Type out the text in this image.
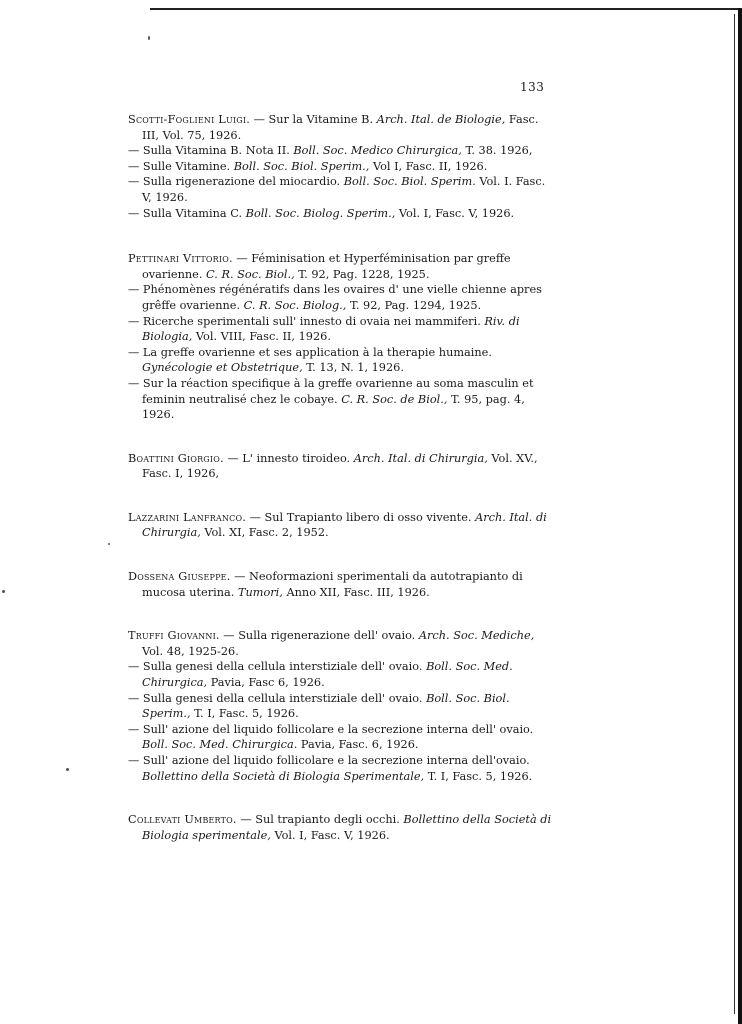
133
Scotti-Foglieni Luigi. — Sur la Vitamine B. Arch. Ital. de Biologie, Fasc. III, Vol. 75, 1926.
— Sulla Vitamina B. Nota II. Boll. Soc. Medico Chirurgica, T. 38. 1926,
— Sulle Vitamine. Boll. Soc. Biol. Sperim., Vol I, Fasc. II, 1926.
— Sulla rigenerazione del miocardio. Boll. Soc. Biol. Sperim. Vol. I. Fasc. V, 1926.
— Sulla Vitamina C. Boll. Soc. Biolog. Sperim., Vol. I, Fasc. V, 1926.
Pettinari Vittorio. — Féminisation et Hyperféminisation par greffe ovarienne. C. R. Soc. Biol., T. 92, Pag. 1228, 1925.
— Phénomènes régénératifs dans les ovaires d' une vielle chienne apres grêffe ovarienne. C. R. Soc. Biolog., T. 92, Pag. 1294, 1925.
— Ricerche sperimentali sull' innesto di ovaia nei mammiferi. Riv. di Biologia, Vol. VIII, Fasc. II, 1926.
— La greffe ovarienne et ses application à la therapie humaine. Gynécologie et Obstetrique, T. 13, N. 1, 1926.
— Sur la réaction specifique à la greffe ovarienne au soma masculin et feminin neutralisé chez le cobaye. C. R. Soc. de Biol., T. 95, pag. 4, 1926.
Boattini Giorgio. — L' innesto tiroideo. Arch. Ital. di Chirurgia, Vol. XV., Fasc. I, 1926,
Lazzarini Lanfranco. — Sul Trapianto libero di osso vivente. Arch. Ital. di Chirurgia, Vol. XI, Fasc. 2, 1952.
Dossena Giuseppe. — Neoformazioni sperimentali da autotrapianto di mucosa uterina. Tumori, Anno XII, Fasc. III, 1926.
Truffi Giovanni. — Sulla rigenerazione dell' ovaio. Arch. Soc. Mediche, Vol. 48, 1925-26.
— Sulla genesi della cellula interstiziale dell' ovaio. Boll. Soc. Med. Chirurgica, Pavia, Fasc 6, 1926.
— Sulla genesi della cellula interstiziale dell' ovaio. Boll. Soc. Biol. Sperim., T. I, Fasc. 5, 1926.
— Sull' azione del liquido follicolare e la secrezione interna dell' ovaio. Boll. Soc. Med. Chirurgica. Pavia, Fasc. 6, 1926.
— Sull' azione del liquido follicolare e la secrezione interna dell'ovaio. Bollettino della Società di Biologia Sperimentale, T. I, Fasc. 5, 1926.
Collevati Umberto. — Sul trapianto degli occhi. Bollettino della Società di Biologia sperimentale, Vol. I, Fasc. V, 1926.
